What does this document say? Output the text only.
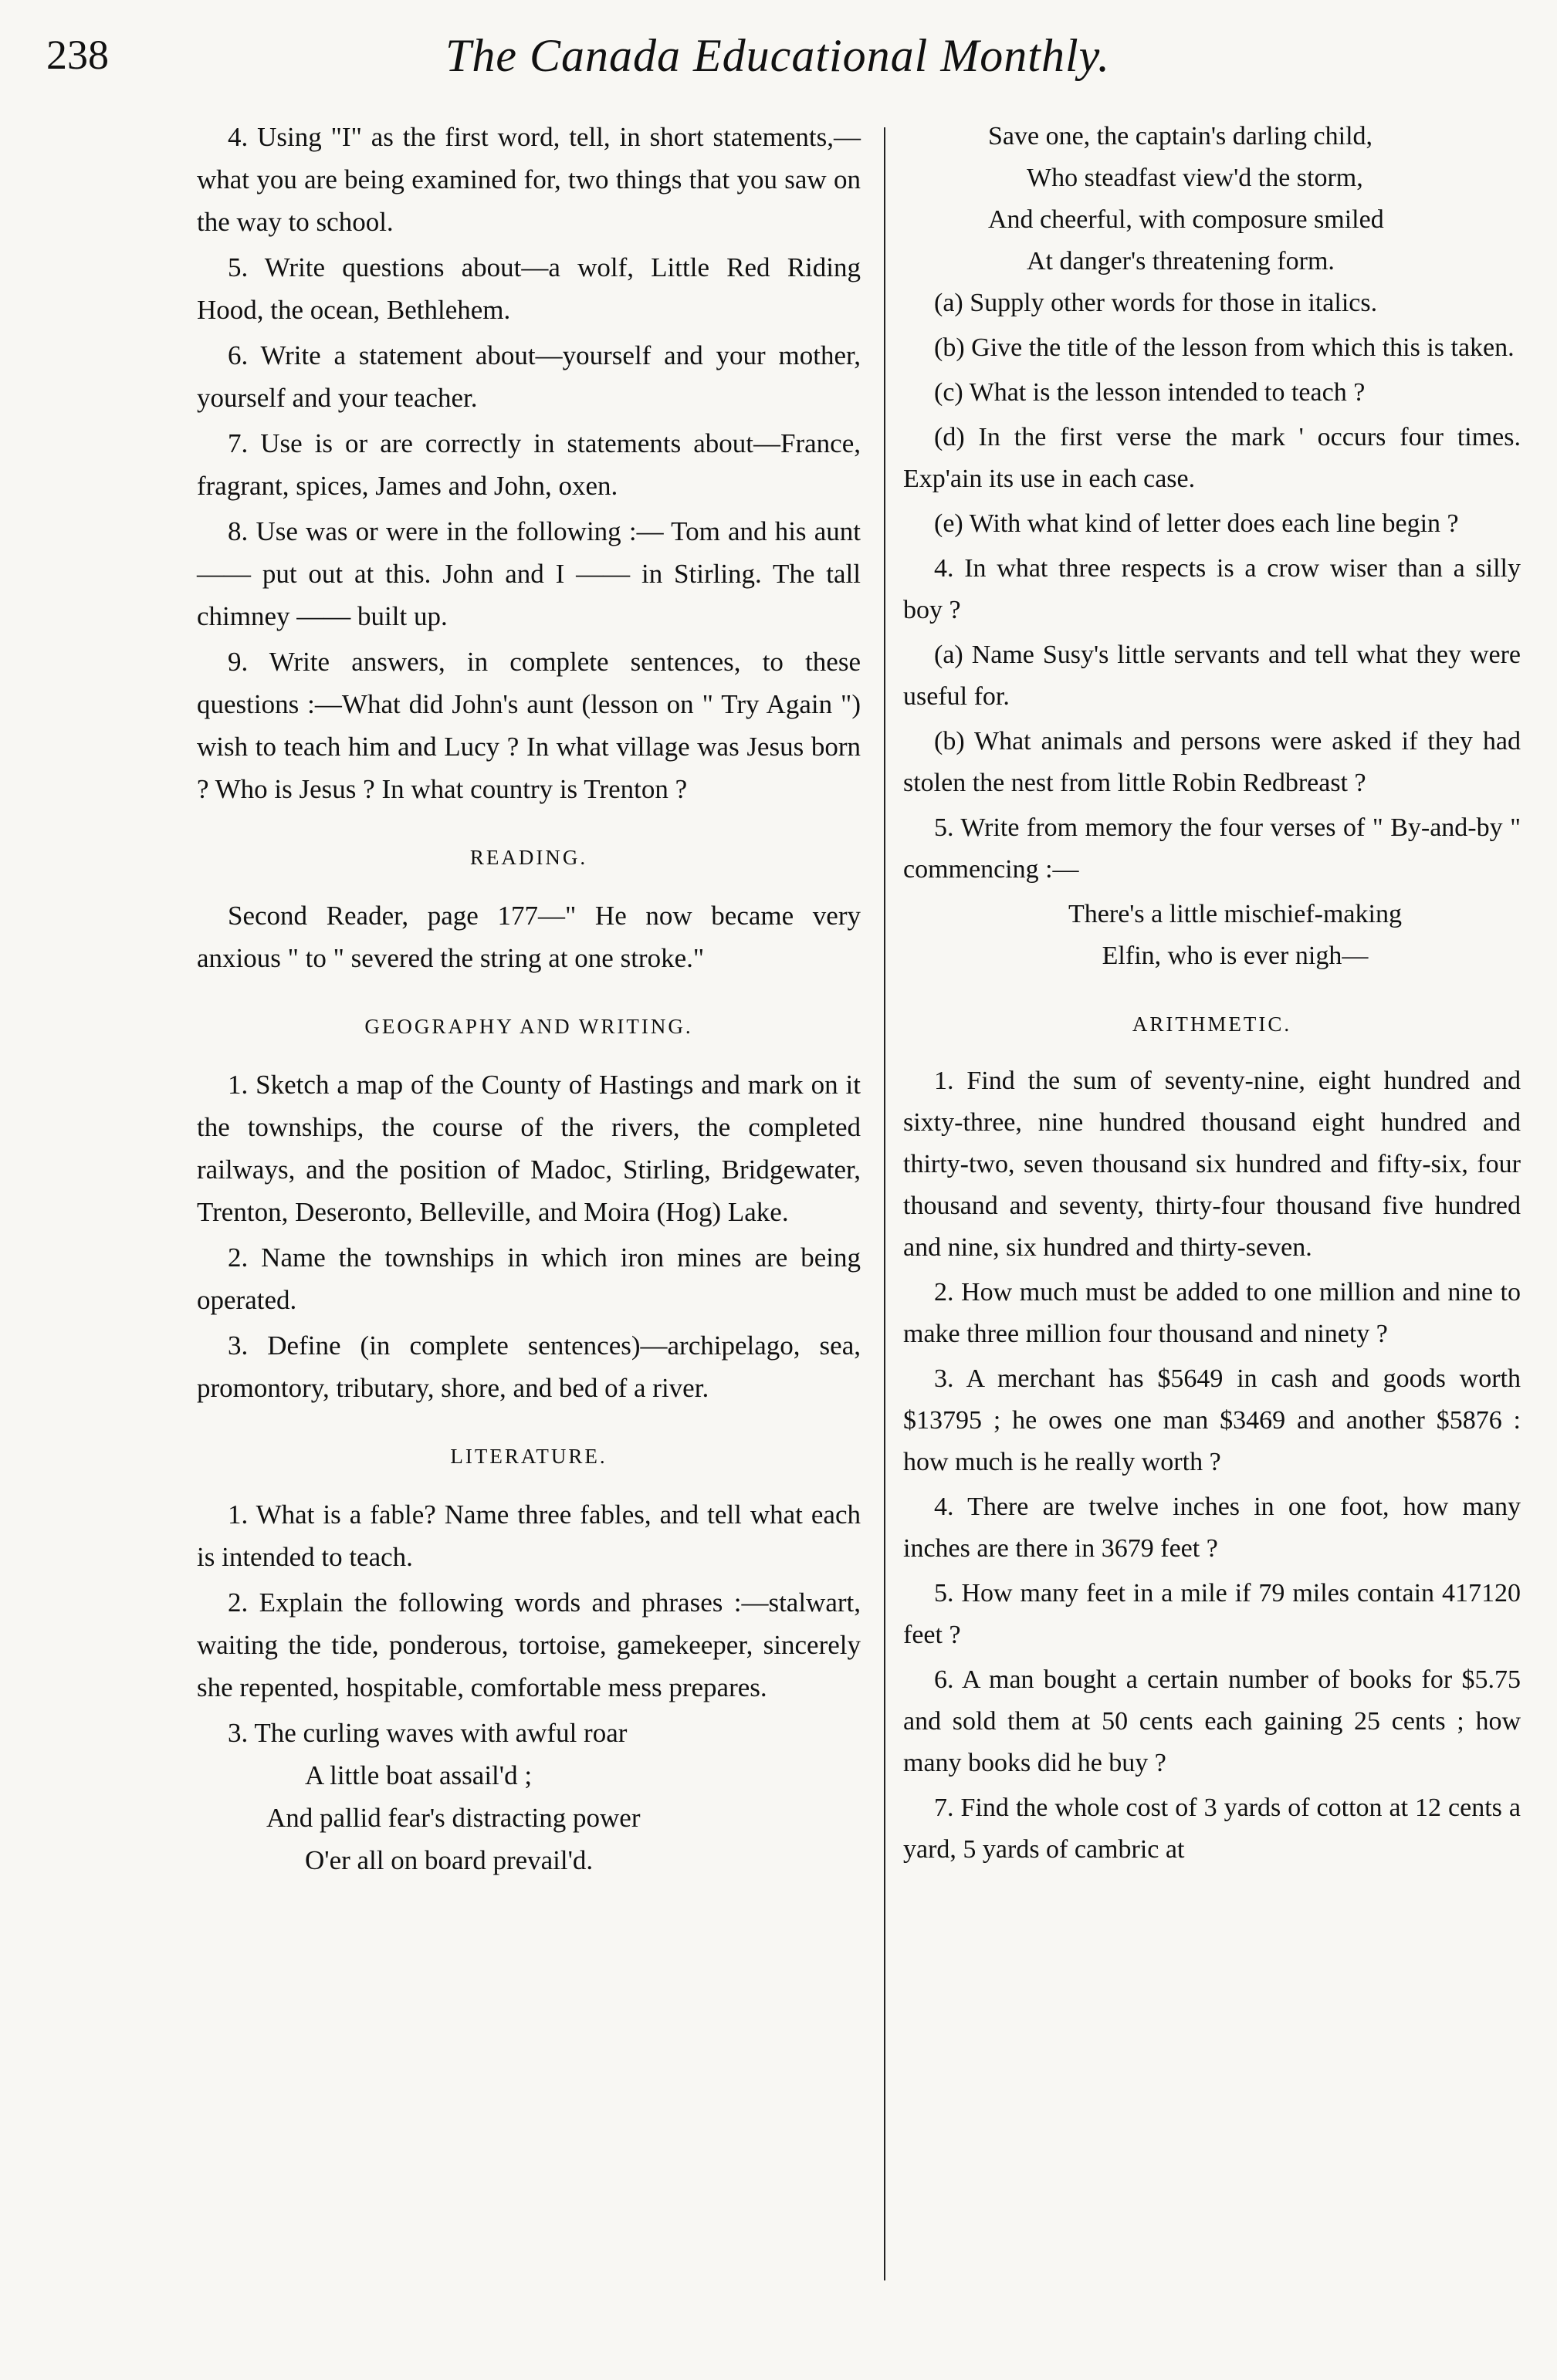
238	The Canada Educational Monthly.

4. Using "I" as the first word, tell, in short statements,—what you are being examined for, two things that you saw on the way to school.

5. Write questions about—a wolf, Little Red Riding Hood, the ocean, Bethlehem.

6. Write a statement about—yourself and your mother, yourself and your teacher.

7. Use is or are correctly in statements about—France, fragrant, spices, James and John, oxen.

8. Use was or were in the following :— Tom and his aunt —— put out at this. John and I —— in Stirling. The tall chimney —— built up.

9. Write answers, in complete sentences, to these questions :—What did John's aunt (lesson on " Try Again ") wish to teach him and Lucy ? In what village was Jesus born ? Who is Jesus ? In what country is Trenton ?

READING.

Second Reader, page 177—" He now became very anxious " to " severed the string at one stroke."

GEOGRAPHY AND WRITING.

1. Sketch a map of the County of Hastings and mark on it the townships, the course of the rivers, the completed railways, and the position of Madoc, Stirling, Bridgewater, Trenton, Deseronto, Belleville, and Moira (Hog) Lake.

2. Name the townships in which iron mines are being operated.

3. Define (in complete sentences)—archipelago, sea, promontory, tributary, shore, and bed of a river.

LITERATURE.

1. What is a fable? Name three fables, and tell what each is intended to teach.

2. Explain the following words and phrases :—stalwart, waiting the tide, ponderous, tortoise, gamekeeper, sincerely she repented, hospitable, comfortable mess prepares.

3. The curling waves with awful roar
A little boat assail'd ;
And pallid fear's distracting power
O'er all on board prevail'd.
Save one, the captain's darling child,
Who steadfast view'd the storm,
And cheerful, with composure smiled
At danger's threatening form.

(a) Supply other words for those in italics.

(b) Give the title of the lesson from which this is taken.

(c) What is the lesson intended to teach ?

(d) In the first verse the mark ' occurs four times. Exp'ain its use in each case.

(e) With what kind of letter does each line begin ?

4. In what three respects is a crow wiser than a silly boy ?

(a) Name Susy's little servants and tell what they were useful for.

(b) What animals and persons were asked if they had stolen the nest from little Robin Redbreast ?

5. Write from memory the four verses of " By-and-by " commencing :—

There's a little mischief-making
Elfin, who is ever nigh—
ARITHMETIC.

1. Find the sum of seventy-nine, eight hundred and sixty-three, nine hundred thousand eight hundred and thirty-two, seven thousand six hundred and fifty-six, four thousand and seventy, thirty-four thousand five hundred and nine, six hundred and thirty-seven.

2. How much must be added to one million and nine to make three million four thousand and ninety ?

3. A merchant has $5649 in cash and goods worth $13795 ; he owes one man $3469 and another $5876 : how much is he really worth ?

4. There are twelve inches in one foot, how many inches are there in 3679 feet ?

5. How many feet in a mile if 79 miles contain 417120 feet ?

6. A man bought a certain number of books for $5.75 and sold them at 50 cents each gaining 25 cents ; how many books did he buy ?

7. Find the whole cost of 3 yards of cotton at 12 cents a yard, 5 yards of cambric at
